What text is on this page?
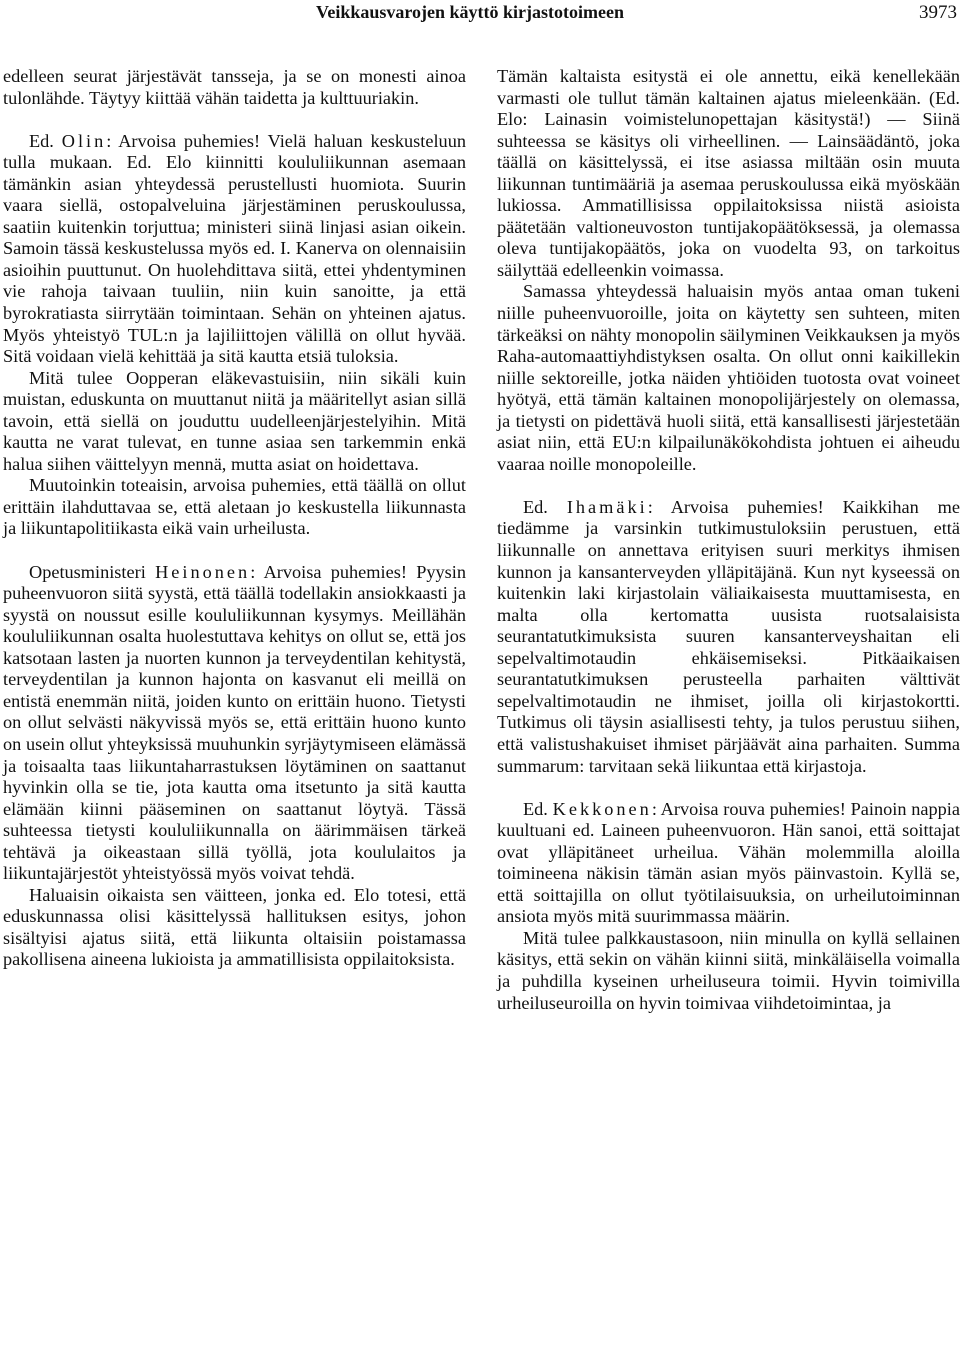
Veikkausvarojen käyttö kirjastotoimeen	3973

edelleen seurat järjestävät tansseja, ja se on monesti ainoa tulonlähde. Täytyy kiittää vähän taidetta ja kulttuuriakin.

Ed. Olin: Arvoisa puhemies! Vielä haluan keskusteluun tulla mukaan. Ed. Elo kiinnitti koululiikunnan asemaan tämänkin asian yhteydessä perustellusti huomiota. Suurin vaara siellä, ostopalveluina järjestäminen peruskoulussa, saatiin kuitenkin torjuttua; ministeri siinä linjasi asian oikein. Samoin tässä keskustelussa myös ed. I. Kanerva on olennaisiin asioihin puuttunut. On huolehdittava siitä, ettei yhdentyminen vie rahoja taivaan tuuliin, niin kuin sanoitte, ja että byrokratiasta siirrytään toimintaan. Sehän on yhteinen ajatus. Myös yhteistyö TUL:n ja lajiliittojen välillä on ollut hyvää. Sitä voidaan vielä kehittää ja sitä kautta etsiä tuloksia.

Mitä tulee Oopperan eläkevastuisiin, niin sikäli kuin muistan, eduskunta on muuttanut niitä ja määritellyt asian sillä tavoin, että siellä on jouduttu uudelleenjärjestelyihin. Mitä kautta ne varat tulevat, en tunne asiaa sen tarkemmin enkä halua siihen väittelyyn mennä, mutta asiat on hoidettava.

Muutoinkin toteaisin, arvoisa puhemies, että täällä on ollut erittäin ilahduttavaa se, että aletaan jo keskustella liikunnasta ja liikuntapolitiikasta eikä vain urheilusta.

Opetusministeri Heinonen: Arvoisa puhemies! Pyysin puheenvuoron siitä syystä, että täällä todellakin ansiokkaasti ja syystä on noussut esille koululiikunnan kysymys. Meillähän koululiikunnan osalta huolestuttava kehitys on ollut se, että jos katsotaan lasten ja nuorten kunnon ja terveydentilan kehitystä, terveydentilan ja kunnon hajonta on kasvanut eli meillä on entistä enemmän niitä, joiden kunto on erittäin huono. Tietysti on ollut selvästi näkyvissä myös se, että erittäin huono kunto on usein ollut yhteyksissä muuhunkin syrjäytymiseen elämässä ja toisaalta taas liikuntaharrastuksen löytäminen on saattanut hyvinkin olla se tie, jota kautta oma itsetunto ja sitä kautta elämään kiinni pääseminen on saattanut löytyä. Tässä suhteessa tietysti koululiikunnalla on äärimmäisen tärkeä tehtävä ja oikeastaan sillä työllä, jota koululaitos ja liikuntajärjestöt yhteistyössä myös voivat tehdä.

Haluaisin oikaista sen väitteen, jonka ed. Elo totesi, että eduskunnassa olisi käsittelyssä hallituksen esitys, johon sisältyisi ajatus siitä, että liikunta oltaisiin poistamassa pakollisena aineena lukioista ja ammatillisista oppilaitoksista.

Tämän kaltaista esitystä ei ole annettu, eikä kenellekään varmasti ole tullut tämän kaltainen ajatus mieleenkään. (Ed. Elo: Lainasin voimistelunopettajan käsitystä!) — Siinä suhteessa se käsitys oli virheellinen. — Lainsäädäntö, joka täällä on käsittelyssä, ei itse asiassa miltään osin muuta liikunnan tuntimääriä ja asemaa peruskoulussa eikä myöskään lukiossa. Ammatillisissa oppilaitoksissa niistä asioista päätetään valtioneuvoston tuntijakopäätöksessä, ja olemassa oleva tuntijakopäätös, joka on vuodelta 93, on tarkoitus säilyttää edelleenkin voimassa.

Samassa yhteydessä haluaisin myös antaa oman tukeni niille puheenvuoroille, joita on käytetty sen suhteen, miten tärkeäksi on nähty monopolin säilyminen Veikkauksen ja myös Raha-automaattiyhdistyksen osalta. On ollut onni kaikillekin niille sektoreille, jotka näiden yhtiöiden tuotosta ovat voineet hyötyä, että tämän kaltainen monopolijärjestely on olemassa, ja tietysti on pidettävä huoli siitä, että kansallisesti järjestetään asiat niin, että EU:n kilpailunäkökohdista johtuen ei aiheudu vaaraa noille monopoleille.

Ed. Ihamäki: Arvoisa puhemies! Kaikkihan me tiedämme ja varsinkin tutkimustuloksiin perustuen, että liikunnalle on annettava erityisen suuri merkitys ihmisen kunnon ja kansanterveyden ylläpitäjänä. Kun nyt kyseessä on kuitenkin laki kirjastolain väliaikaisesta muuttamisesta, en malta olla kertomatta uusista ruotsalaisista seurantatutkimuksista suuren kansanterveyshaitan eli sepelvaltimotaudin ehkäisemiseksi. Pitkäaikaisen seurantatutkimuksen perusteella parhaiten välttivät sepelvaltimotaudin ne ihmiset, joilla oli kirjastokortti. Tutkimus oli täysin asiallisesti tehty, ja tulos perustuu siihen, että valistushakuiset ihmiset pärjäävät aina parhaiten. Summa summarum: tarvitaan sekä liikuntaa että kirjastoja.

Ed. Kekkonen: Arvoisa rouva puhemies! Painoin nappia kuultuani ed. Laineen puheenvuoron. Hän sanoi, että soittajat ovat ylläpitäneet urheilua. Vähän molemmilla aloilla toimineena näkisin tämän asian myös päinvastoin. Kyllä se, että soittajilla on ollut työtilaisuuksia, on urheilutoiminnan ansiota myös mitä suurimmassa määrin.

Mitä tulee palkkaustasoon, niin minulla on kyllä sellainen käsitys, että sekin on vähän kiinni siitä, minkäläisella voimalla ja puhdilla kyseinen urheiluseura toimii. Hyvin toimivilla urheiluseuroilla on hyvin toimivaa viihdetoimintaa, ja
